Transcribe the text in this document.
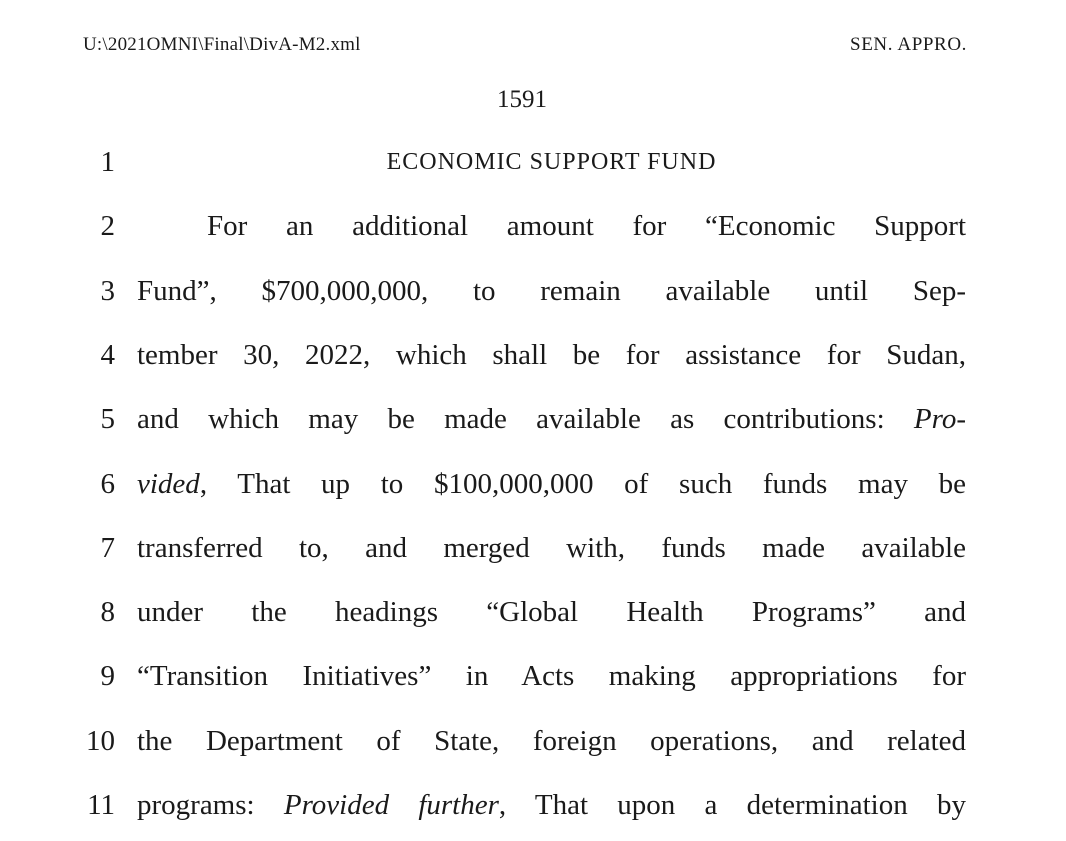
U:\2021OMNI\Final\DivA-M2.xml	SEN. APPRO.
1591
1	ECONOMIC SUPPORT FUND
2	For an additional amount for “Economic Support
3 Fund”, $700,000,000, to remain available until Sep-
4 tember 30, 2022, which shall be for assistance for Sudan,
5 and which may be made available as contributions: Pro-
6 vided, That up to $100,000,000 of such funds may be
7 transferred to, and merged with, funds made available
8 under the headings “Global Health Programs” and
9 “Transition Initiatives” in Acts making appropriations for
10 the Department of State, foreign operations, and related
11 programs: Provided further, That upon a determination by
